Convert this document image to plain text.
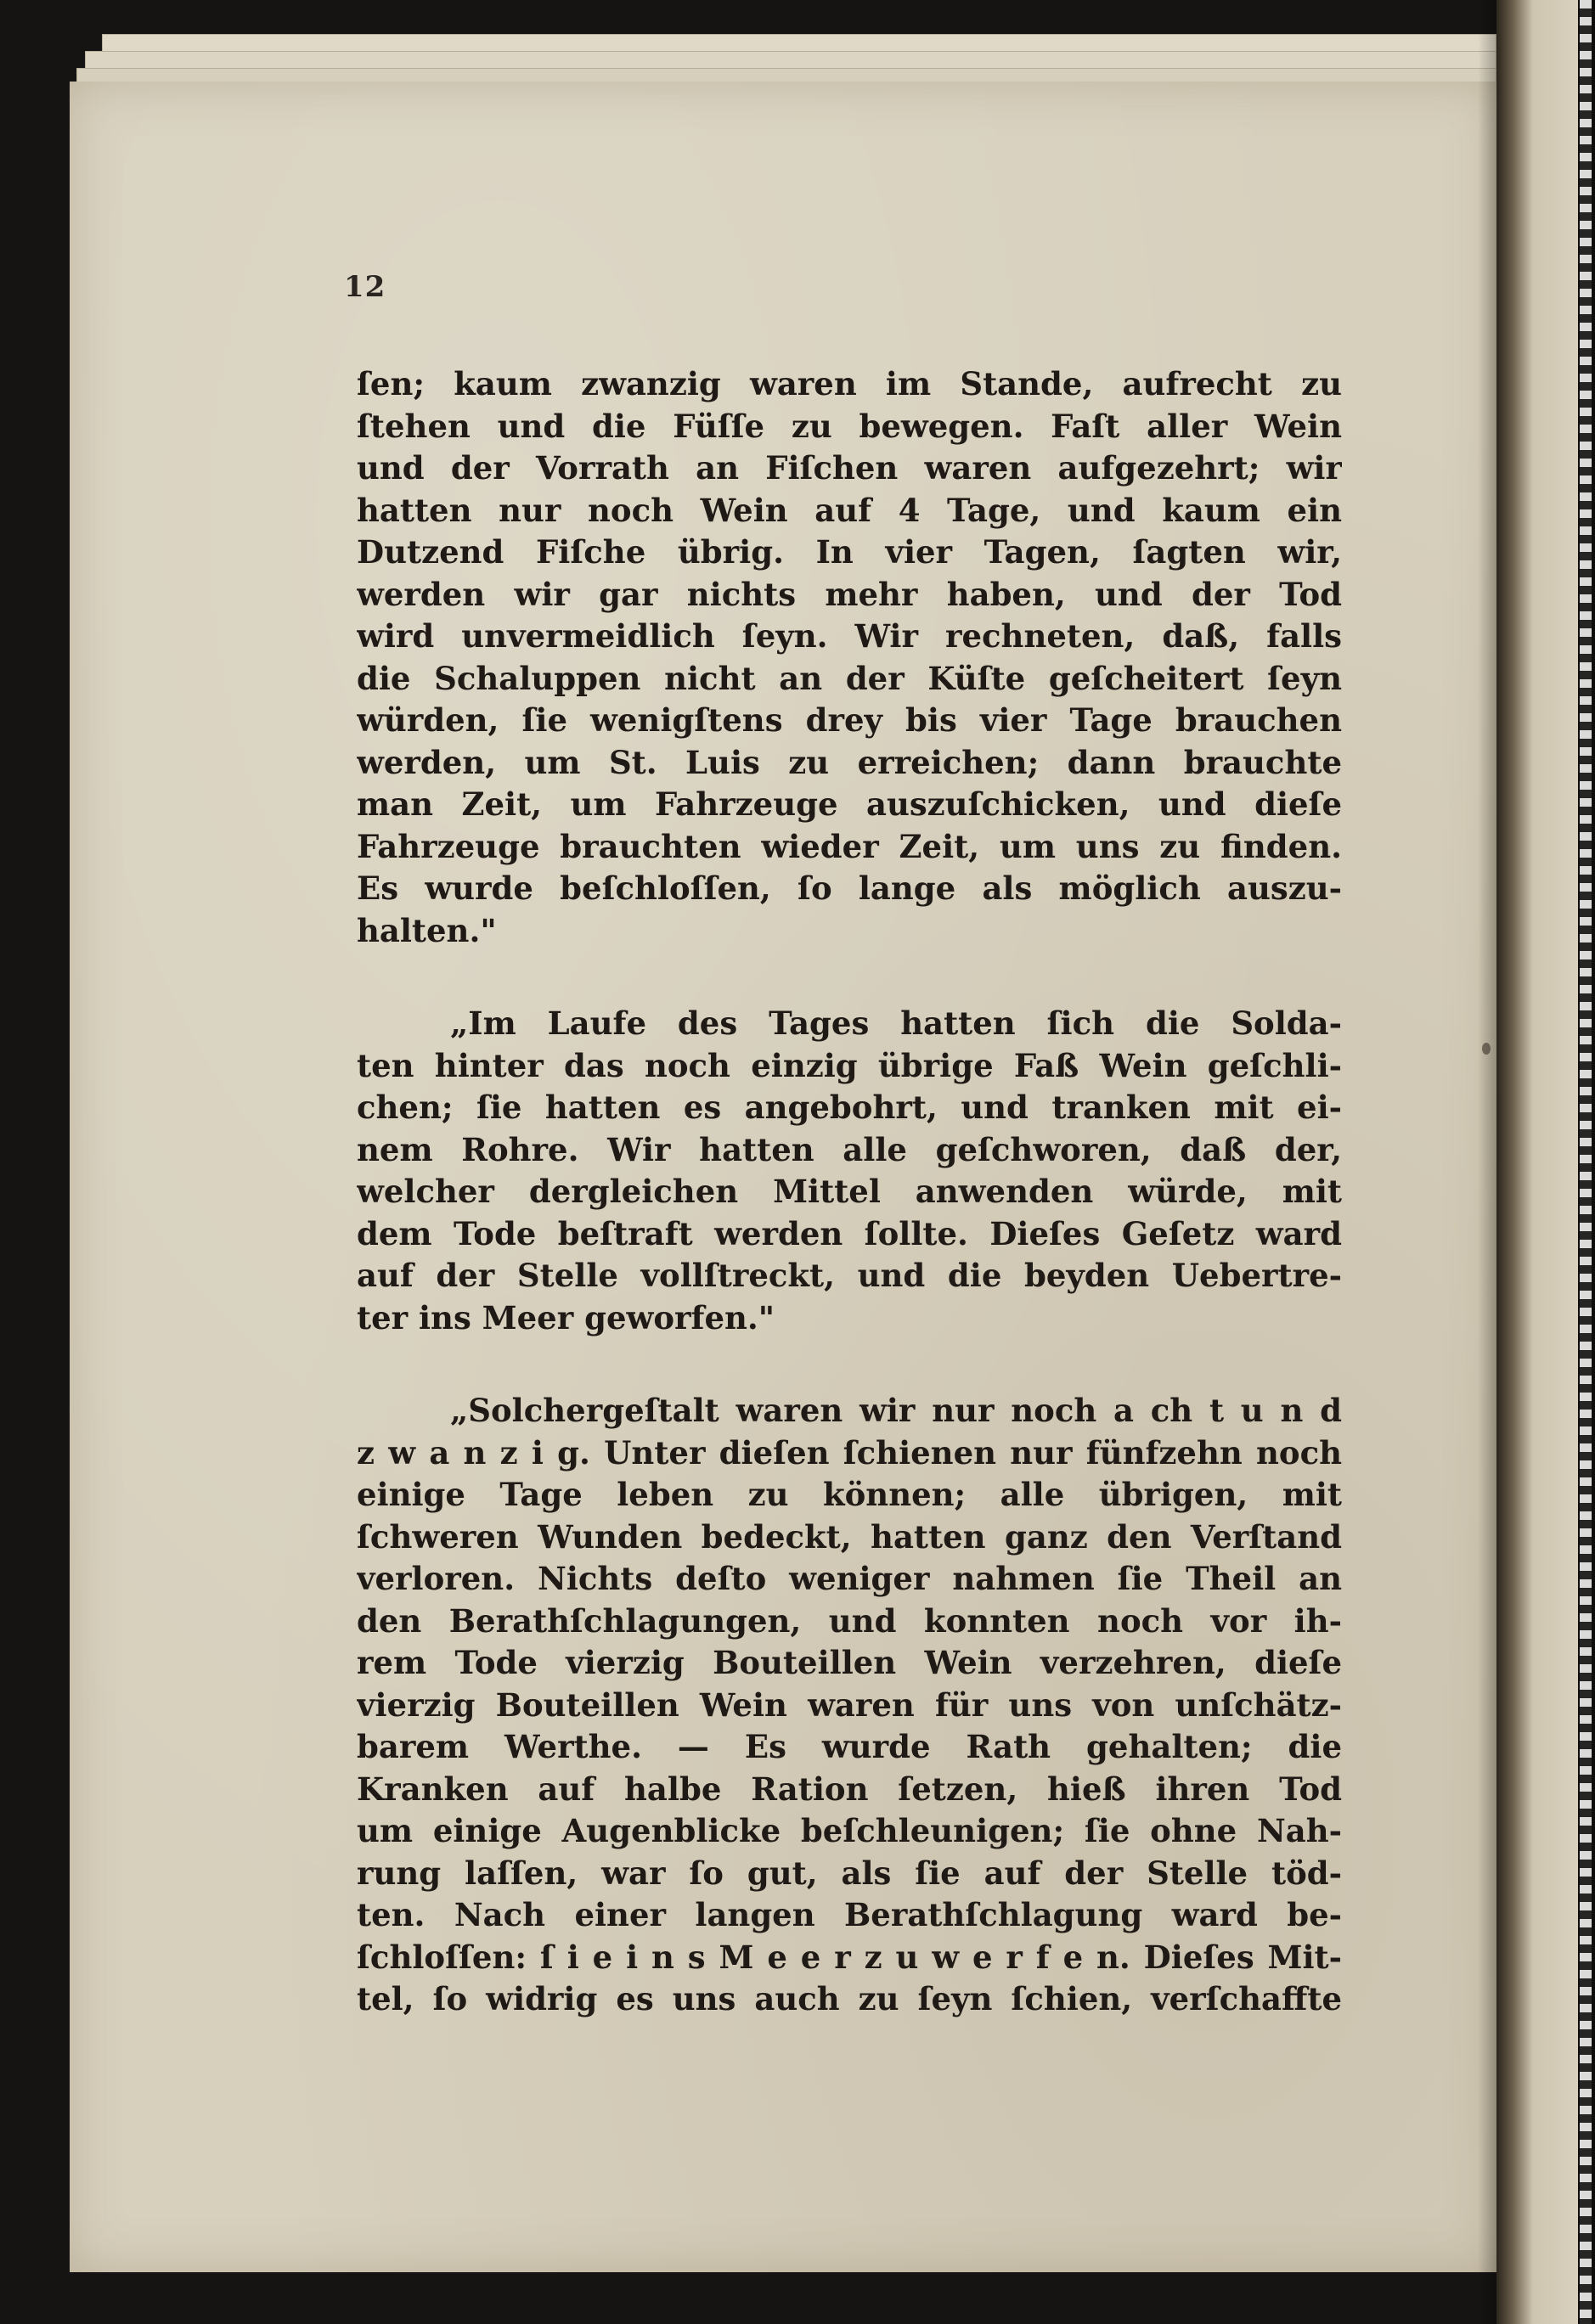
12
ſen; kaum zwanzig waren im Stande, aufrecht zu
ſtehen und die Füſſe zu bewegen. Faſt aller Wein
und der Vorrath an Fiſchen waren aufgezehrt; wir
hatten nur noch Wein auf 4 Tage, und kaum ein
Dutzend Fiſche übrig. In vier Tagen, ſagten wir,
werden wir gar nichts mehr haben, und der Tod
wird unvermeidlich ſeyn. Wir rechneten, daß, falls
die Schaluppen nicht an der Küſte geſcheitert ſeyn
würden, ſie wenigſtens drey bis vier Tage brauchen
werden, um St. Luis zu erreichen; dann brauchte
man Zeit, um Fahrzeuge auszuſchicken, und dieſe
Fahrzeuge brauchten wieder Zeit, um uns zu finden.
Es wurde beſchloſſen, ſo lange als möglich auszu-
halten."
„Im Laufe des Tages hatten ſich die Solda-
ten hinter das noch einzig übrige Faß Wein geſchli-
chen; ſie hatten es angebohrt, und tranken mit ei-
nem Rohre. Wir hatten alle geſchworen, daß der,
welcher dergleichen Mittel anwenden würde, mit
dem Tode beſtraft werden ſollte. Dieſes Geſetz ward
auf der Stelle vollſtreckt, und die beyden Uebertre-
ter ins Meer geworfen."
„Solchergeſtalt waren wir nur noch a ch t u n d
z w a n z i g. Unter dieſen ſchienen nur fünfzehn noch
einige Tage leben zu können; alle übrigen, mit
ſchweren Wunden bedeckt, hatten ganz den Verſtand
verloren. Nichts deſto weniger nahmen ſie Theil an
den Berathſchlagungen, und konnten noch vor ih-
rem Tode vierzig Bouteillen Wein verzehren, dieſe
vierzig Bouteillen Wein waren für uns von unſchätz-
barem Werthe. — Es wurde Rath gehalten; die
Kranken auf halbe Ration ſetzen, hieß ihren Tod
um einige Augenblicke beſchleunigen; ſie ohne Nah-
rung laſſen, war ſo gut, als ſie auf der Stelle töd-
ten. Nach einer langen Berathſchlagung ward be-
ſchloſſen: ſ i e i n s M e e r z u w e r f e n. Dieſes Mit-
tel, ſo widrig es uns auch zu ſeyn ſchien, verſchaffte
